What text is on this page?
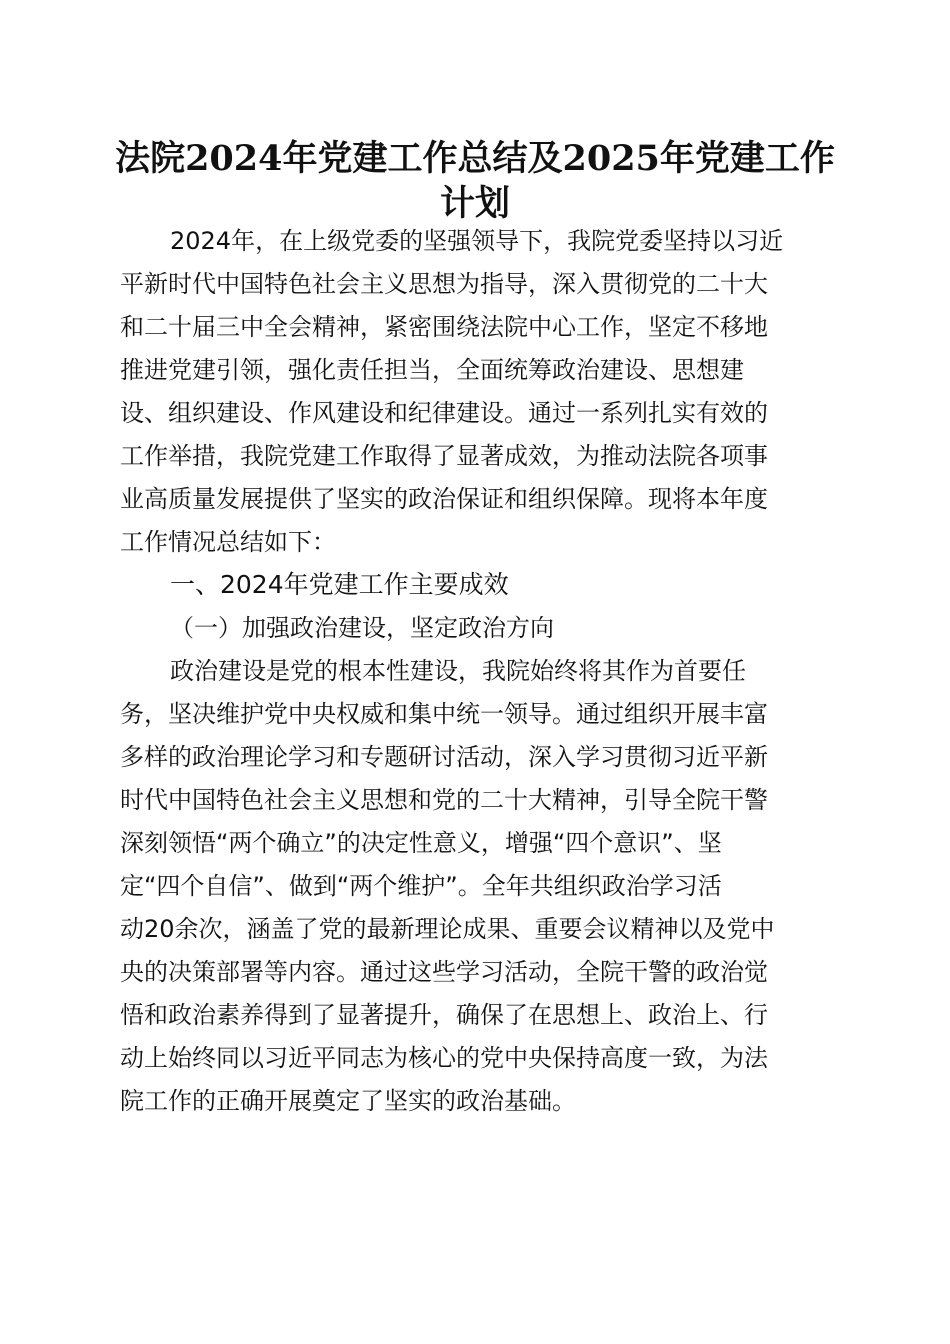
法院2024年党建工作总结及2025年党建工作
计划
2024年，在上级党委的坚强领导下，我院党委坚持以习近
平新时代中国特色社会主义思想为指导，深入贯彻党的二十大
和二十届三中全会精神，紧密围绕法院中心工作，坚定不移地
推进党建引领，强化责任担当，全面统筹政治建设、思想建
设、组织建设、作风建设和纪律建设。通过一系列扎实有效的
工作举措，我院党建工作取得了显著成效，为推动法院各项事
业高质量发展提供了坚实的政治保证和组织保障。现将本年度
工作情况总结如下：
一、2024年党建工作主要成效
（一）加强政治建设，坚定政治方向
政治建设是党的根本性建设，我院始终将其作为首要任
务，坚决维护党中央权威和集中统一领导。通过组织开展丰富
多样的政治理论学习和专题研讨活动，深入学习贯彻习近平新
时代中国特色社会主义思想和党的二十大精神，引导全院干警
深刻领悟“两个确立”的决定性意义，增强“四个意识”、坚
定“四个自信”、做到“两个维护”。全年共组织政治学习活
动20余次，涵盖了党的最新理论成果、重要会议精神以及党中
央的决策部署等内容。通过这些学习活动，全院干警的政治觉
悟和政治素养得到了显著提升，确保了在思想上、政治上、行
动上始终同以习近平同志为核心的党中央保持高度一致，为法
院工作的正确开展奠定了坚实的政治基础。
